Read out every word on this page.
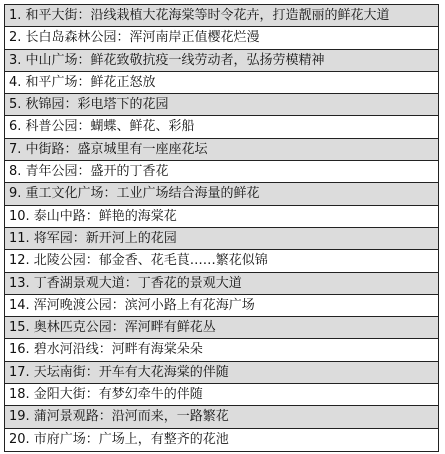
1. 和平大街：沿线栽植大花海棠等时令花卉，打造靓丽的鲜花大道
2. 长白岛森林公园：浑河南岸正值樱花烂漫
3. 中山广场：鲜花致敬抗疫一线劳动者，弘扬劳模精神
4. 和平广场：鲜花正怒放
5. 秋锦园：彩电塔下的花园
6. 科普公园：蝴蝶、鲜花、彩船
7. 中街路：盛京城里有一座座花坛
8. 青年公园：盛开的丁香花
9. 重工文化广场：工业广场结合海量的鲜花
10. 泰山中路：鲜艳的海棠花
11. 将军园：新开河上的花园
12. 北陵公园：郁金香、花毛茛……繁花似锦
13. 丁香湖景观大道：丁香花的景观大道
14. 浑河晚渡公园：滨河小路上有花海广场
15. 奥林匹克公园：浑河畔有鲜花丛
16. 碧水河沿线：河畔有海棠朵朵
17. 天坛南街：开车有大花海棠的伴随
18. 金阳大街：有梦幻牵牛的伴随
19. 蒲河景观路：沿河而来，一路繁花
20. 市府广场：广场上，有整齐的花池
